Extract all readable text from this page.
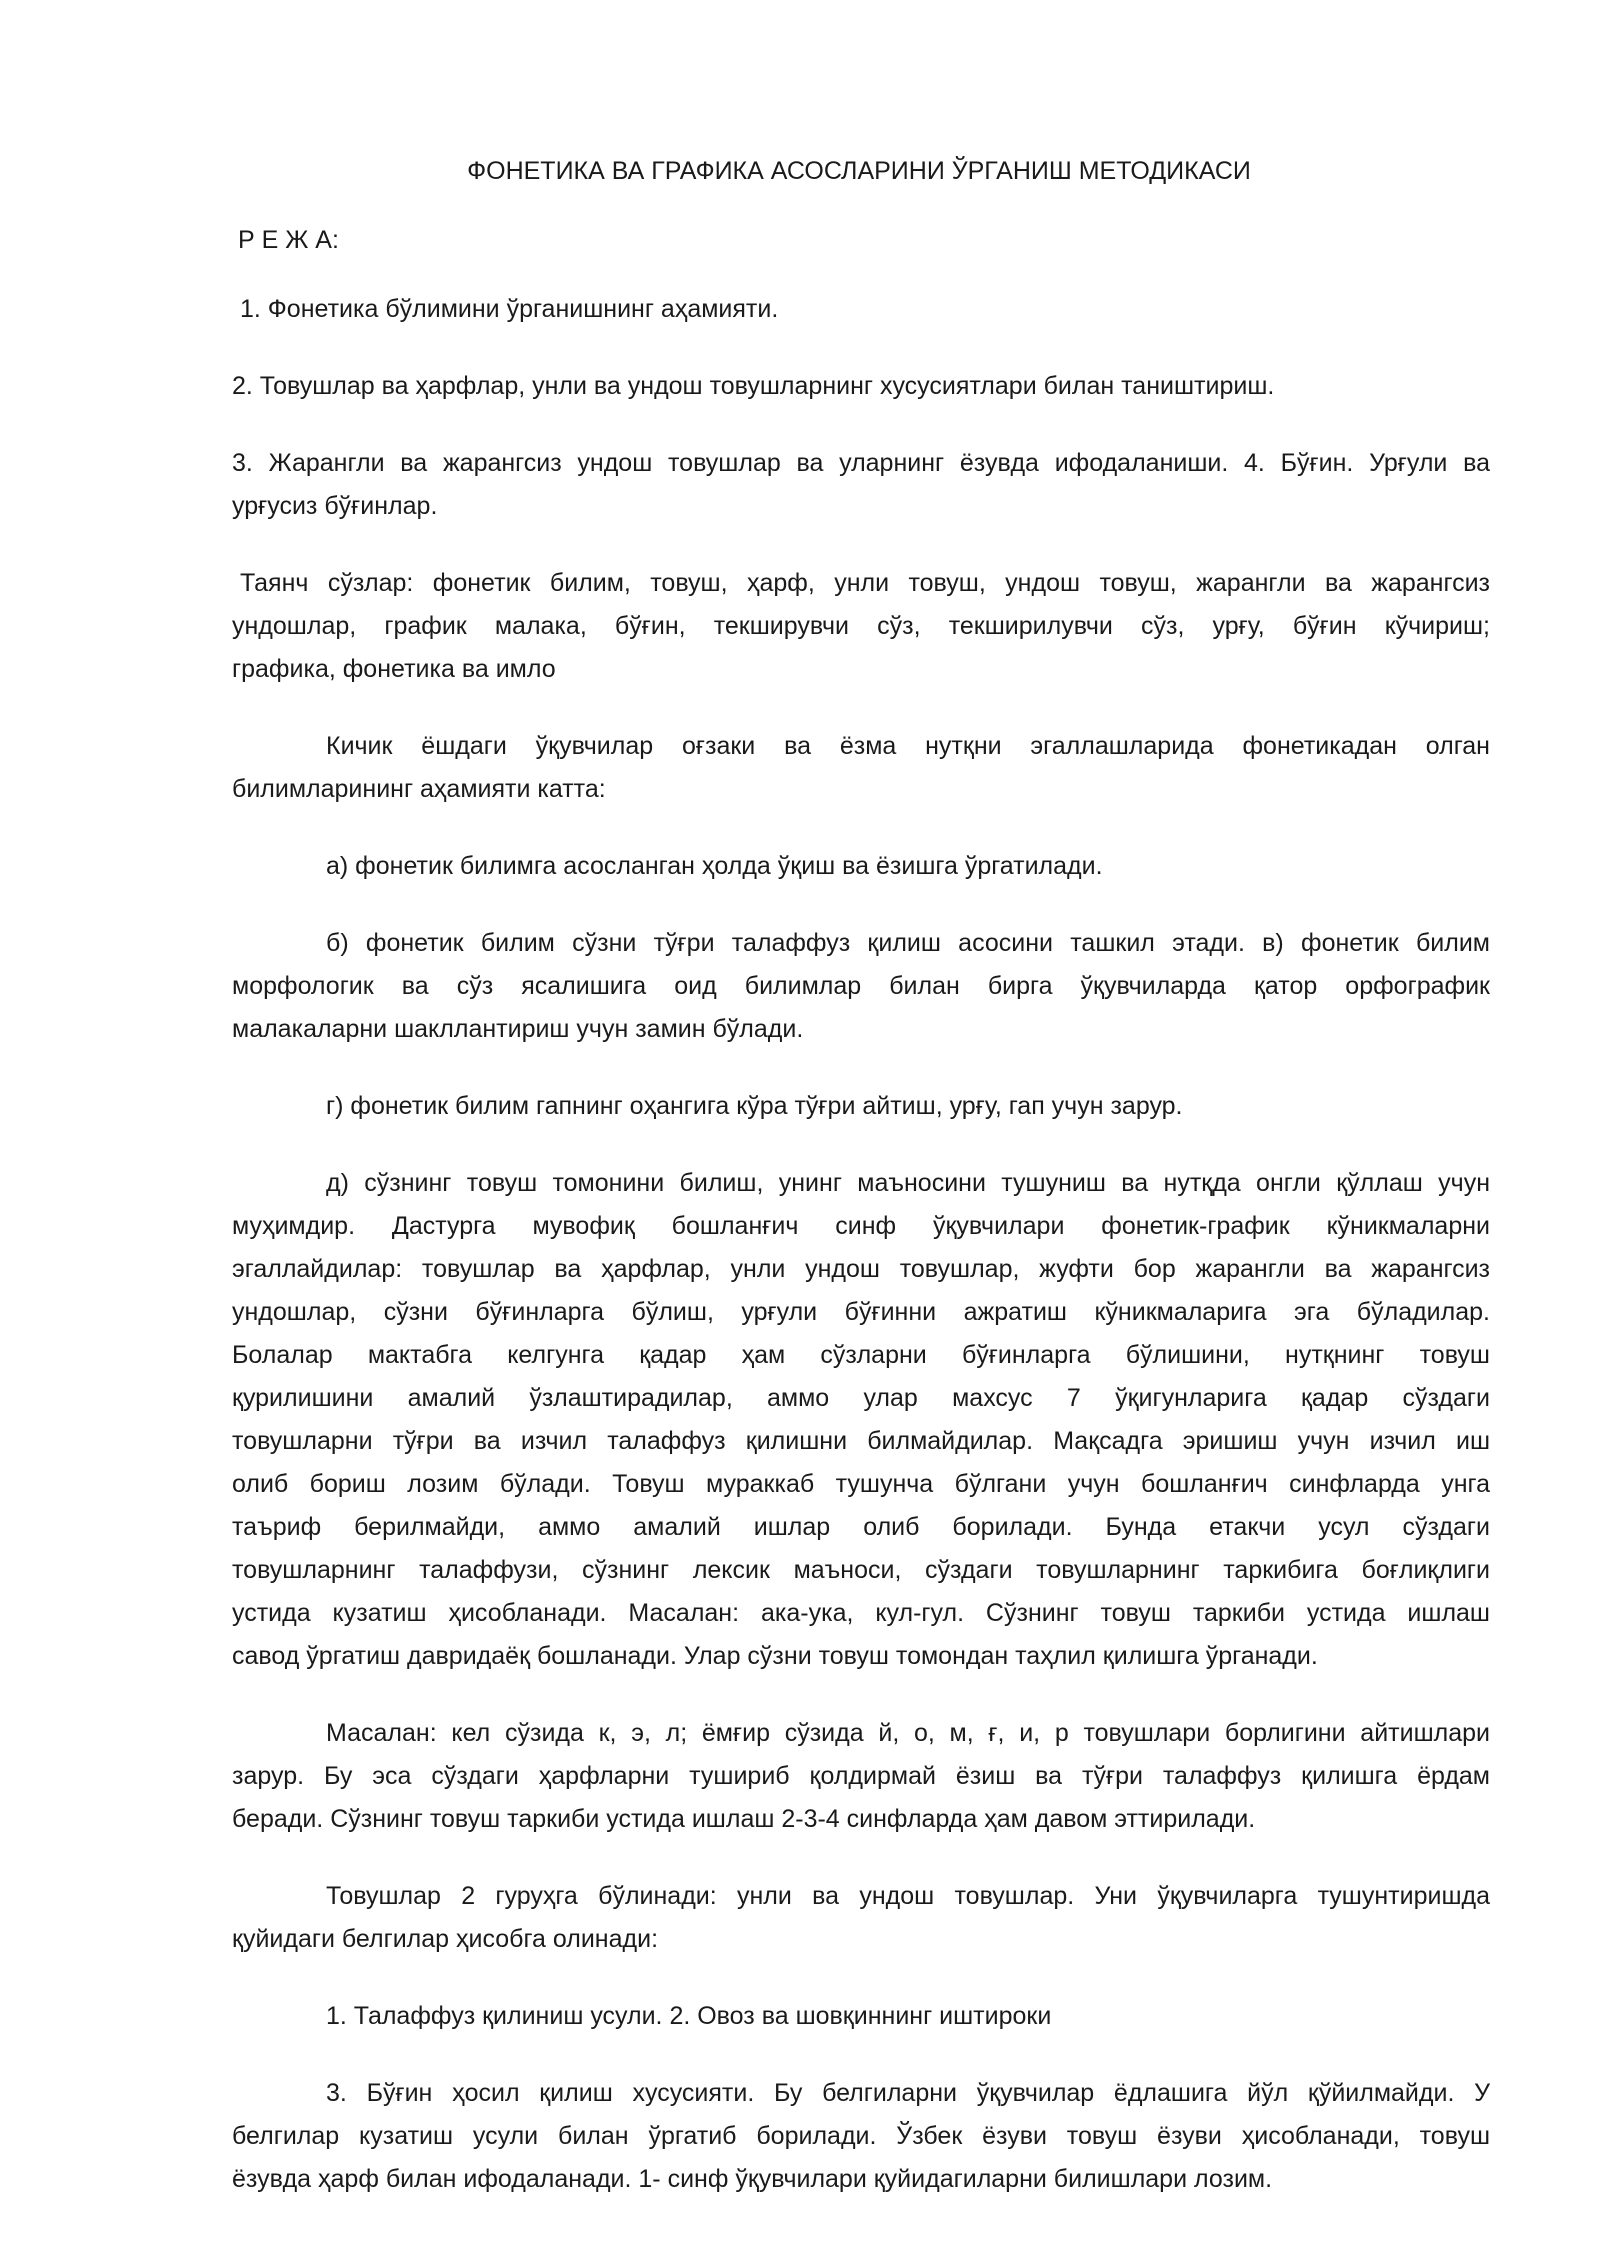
ФОНЕТИКА ВА ГРАФИКА АСОСЛАРИНИ ЎРГАНИШ МЕТОДИКАСИ
Р Е Ж А:
1. Фонетика бўлимини ўрганишнинг аҳамияти.
2. Товушлар ва ҳарфлар, унли ва ундош товушларнинг хусусиятлари билан таништириш.
3. Жарангли ва жарангсиз ундош товушлар ва уларнинг ёзувда ифодаланиши. 4. Бўғин. Урғули ва
урғусиз бўғинлар.
Таянч сўзлар: фонетик билим, товуш, ҳарф, унли товуш, ундош товуш, жарангли ва жарангсиз
ундошлар, график малака, бўғин, текширувчи сўз, текширилувчи сўз, урғу, бўғин кўчириш;
графика, фонетика ва имло
Кичик ёшдаги ўқувчилар оғзаки ва ёзма нутқни эгаллашларида фонетикадан олган
билимларининг аҳамияти катта:
а) фонетик билимга асосланган ҳолда ўқиш ва ёзишга ўргатилади.
б) фонетик билим сўзни тўғри талаффуз қилиш асосини ташкил этади. в) фонетик билим
морфологик ва сўз ясалишига оид билимлар билан бирга ўқувчиларда қатор орфографик
малакаларни шакллантириш учун замин бўлади.
г) фонетик билим гапнинг оҳангига кўра тўғри айтиш, урғу, гап учун зарур.
д) сўзнинг товуш томонини билиш, унинг маъносини тушуниш ва нутқда онгли қўллаш учун
муҳимдир. Дастурга мувофиқ бошланғич синф ўқувчилари фонетик-график кўникмаларни
эгаллайдилар: товушлар ва ҳарфлар, унли ундош товушлар, жуфти бор жарангли ва жарангсиз
ундошлар, сўзни бўғинларга бўлиш, урғули бўғинни ажратиш кўникмаларига эга бўладилар.
Болалар мактабга келгунга қадар ҳам сўзларни бўғинларга бўлишини, нутқнинг товуш
қурилишини амалий ўзлаштирадилар, аммо улар махсус 7 ўқигунларига қадар сўздаги
товушларни тўғри ва изчил талаффуз қилишни билмайдилар. Мақсадга эришиш учун изчил иш
олиб бориш лозим бўлади. Товуш мураккаб тушунча бўлгани учун бошланғич синфларда унга
таъриф берилмайди, аммо амалий ишлар олиб борилади. Бунда етакчи усул сўздаги
товушларнинг талаффузи, сўзнинг лексик маъноси, сўздаги товушларнинг таркибига боғлиқлиги
устида кузатиш ҳисобланади. Масалан: ака-ука, кул-гул. Сўзнинг товуш таркиби устида ишлаш
савод ўргатиш давридаёқ бошланади. Улар сўзни товуш томондан таҳлил қилишга ўрганади.
Масалан: кел сўзида к, э, л; ёмғир сўзида й, о, м, ғ, и, р товушлари борлигини айтишлари
зарур. Бу эса сўздаги ҳарфларни тушириб қолдирмай ёзиш ва тўғри талаффуз қилишга ёрдам
беради. Сўзнинг товуш таркиби устида ишлаш 2-3-4 синфларда ҳам давом эттирилади.
Товушлар 2 гуруҳга бўлинади: унли ва ундош товушлар. Уни ўқувчиларга тушунтиришда
қуйидаги белгилар ҳисобга олинади:
1. Талаффуз қилиниш усули. 2. Овоз ва шовқиннинг иштироки
3. Бўғин ҳосил қилиш хусусияти. Бу белгиларни ўқувчилар ёдлашига йўл қўйилмайди. У
белгилар кузатиш усули билан ўргатиб борилади. Ўзбек ёзуви товуш ёзуви ҳисобланади, товуш
ёзувда ҳарф билан ифодаланади. 1- синф ўқувчилари қуйидагиларни билишлари лозим.
